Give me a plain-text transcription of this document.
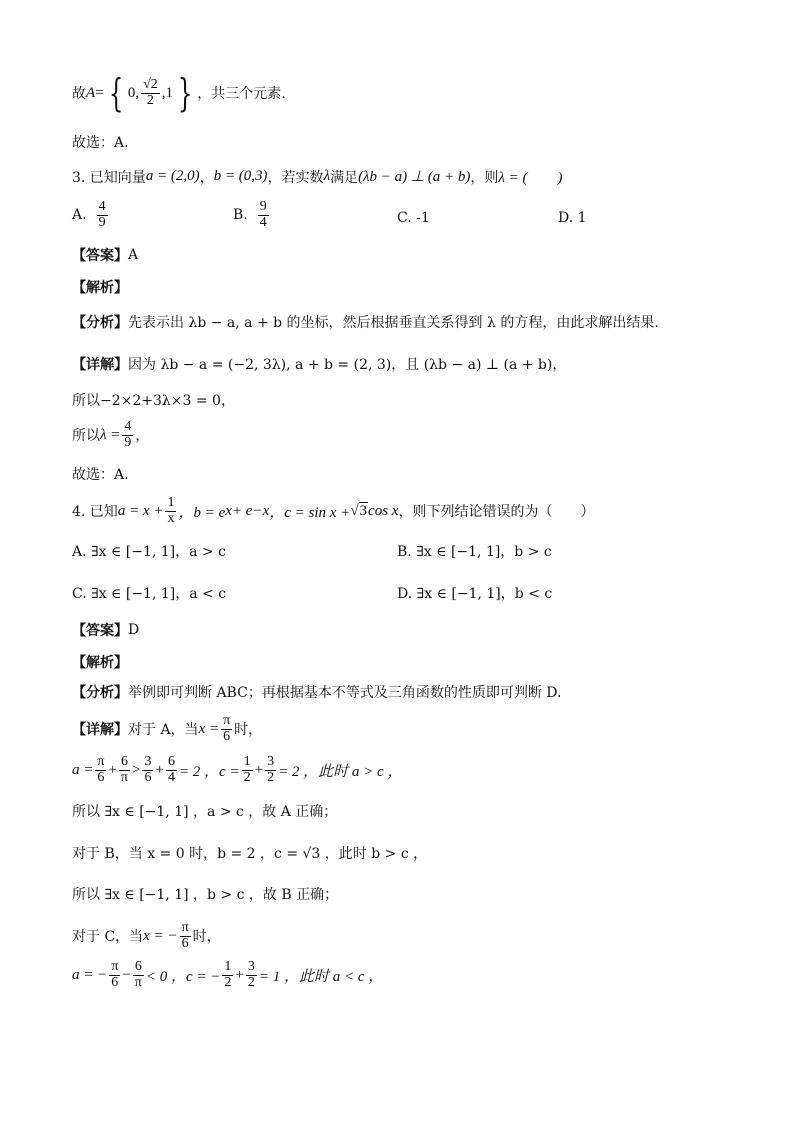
故 A = { 0, $\frac{√2}{2} ,1$ } ，共三个元素.
故选：A.
3. 已知向量 a = (2,0) ， b = (0,3) ，若实数 λ 满足 (λb − a) ⊥ (a + b) ，则 λ = (　　)
A. $\frac{4}{9}$	B. $\frac{9}{4}$	C. -1	D. 1
【答案】 A
【解析】
【分析】 先表示出 λb − a, a + b 的坐标，然后根据垂直关系得到 λ 的方程，由此求解出结果.
【详解】 因为 λb − a = (−2, 3λ), a + b = (2, 3)，且 (λb − a) ⊥ (a + b)，
所以−2×2+3λ×3 = 0，
所以 $\lambda = \frac{4}{9}$ ，
故选：A.
4. 已知 $a = x + \frac{1}{x}$ ，b = e x + e −x ，c = sin x + √ 3 cos x ，则下列结论错误的为（　　）
A. ∃x ∈ [−1, 1]，a > c	B. ∃x ∈ [−1, 1]，b > c
C. ∃x ∈ [−1, 1]，a < c	D. ∃x ∈ [−1, 1]，b < c
【答案】 D
【解析】
【分析】 举例即可判断 ABC；再根据基本不等式及三角函数的性质即可判断 D.
【详解】 对于 A，当 $x = \frac{\pi}{6}$ 时，
$a = \frac{\pi}{6} + \frac{6}{\pi} > \frac{3}{6} + \frac{6}{4} = 2$ ，$c = \frac{1}{2} + \frac{3}{2} = 2$ ，此时 a > c ，
所以 ∃x ∈ [−1, 1] ，a > c ，故 A 正确；
对于 B，当 x = 0 时，b = 2 ，c = √3 ，此时 b > c ，
所以 ∃x ∈ [−1, 1] ，b > c ，故 B 正确；
对于 C，当 x = − $\frac{\pi}{6}$ 时，
a = − $\frac{\pi}{6} - \frac{6}{\pi} < 0$ ，c = − $\frac{1}{2} + \frac{3}{2} = 1$ ，此时 a < c ，
